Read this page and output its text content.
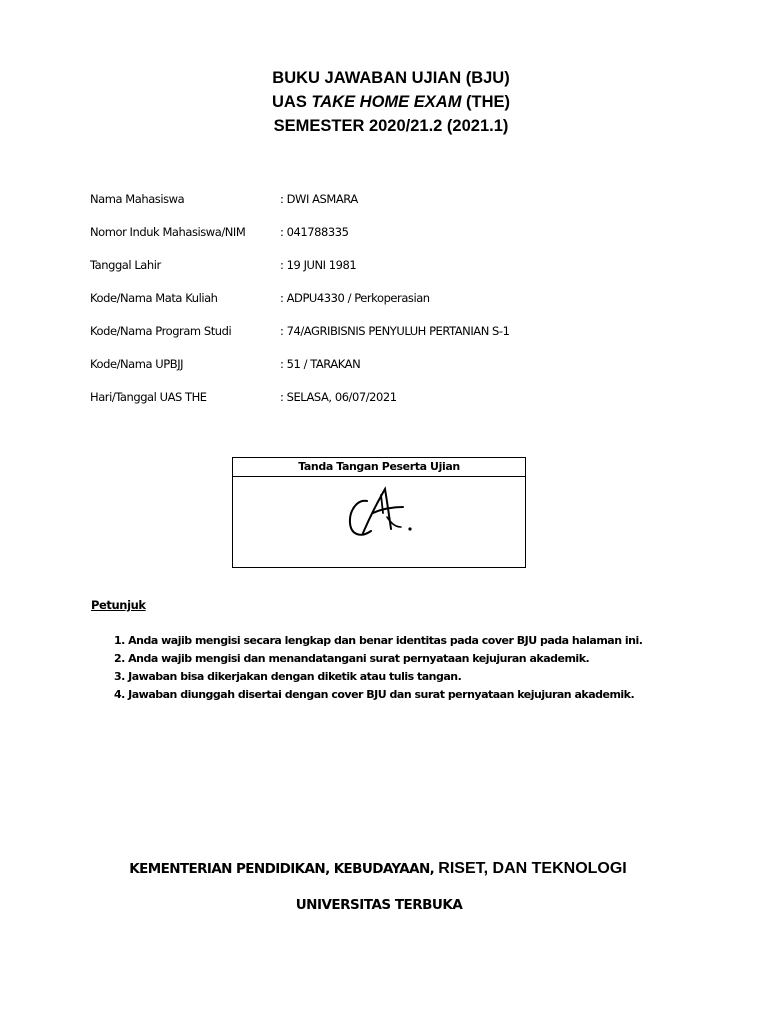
BUKU JAWABAN UJIAN (BJU)
UAS TAKE HOME EXAM (THE)
SEMESTER 2020/21.2 (2021.1)
Nama Mahasiswa	: DWI ASMARA
Nomor Induk Mahasiswa/NIM	: 041788335
Tanggal Lahir	: 19 JUNI 1981
Kode/Nama Mata Kuliah	: ADPU4330 / Perkoperasian
Kode/Nama Program Studi	: 74/AGRIBISNIS PENYULUH PERTANIAN S-1
Kode/Nama UPBJJ	: 51 / TARAKAN
Hari/Tanggal UAS THE	: SELASA, 06/07/2021
Tanda Tangan Peserta Ujian
Petunjuk
1. Anda wajib mengisi secara lengkap dan benar identitas pada cover BJU pada halaman ini.
2. Anda wajib mengisi dan menandatangani surat pernyataan kejujuran akademik.
3. Jawaban bisa dikerjakan dengan diketik atau tulis tangan.
4. Jawaban diunggah disertai dengan cover BJU dan surat pernyataan kejujuran akademik.
KEMENTERIAN PENDIDIKAN, KEBUDAYAAN, RISET, DAN TEKNOLOGI
UNIVERSITAS TERBUKA
